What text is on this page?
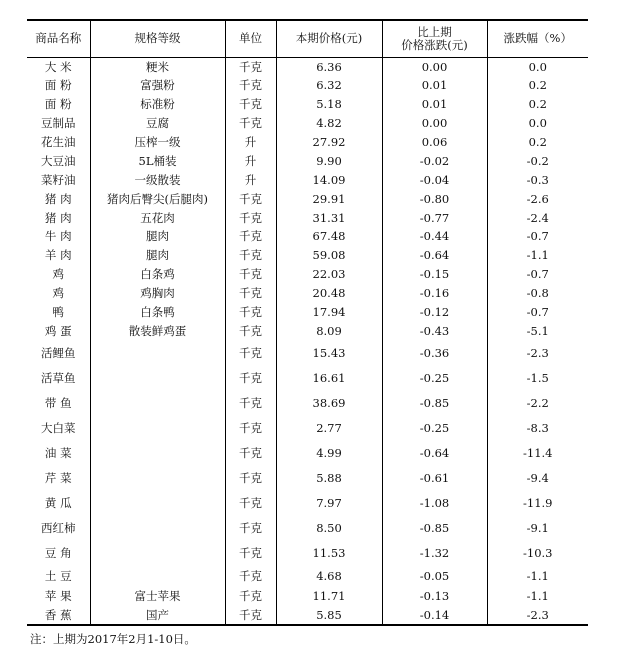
商品名称	规格等级	单位	本期价格(元)	比上期
价格涨跌(元)	涨跌幅（%）
大 米	粳米	千克	6.36	0.00	0.0
面 粉	富强粉	千克	6.32	0.01	0.2
面 粉	标准粉	千克	5.18	0.01	0.2
豆制品	豆腐	千克	4.82	0.00	0.0
花生油	压榨一级	升	27.92	0.06	0.2
大豆油	5L桶装	升	9.90	-0.02	-0.2
菜籽油	一级散装	升	14.09	-0.04	-0.3
猪 肉	猪肉后臀尖(后腿肉)	千克	29.91	-0.80	-2.6
猪 肉	五花肉	千克	31.31	-0.77	-2.4
牛 肉	腿肉	千克	67.48	-0.44	-0.7
羊 肉	腿肉	千克	59.08	-0.64	-1.1
鸡	白条鸡	千克	22.03	-0.15	-0.7
鸡	鸡胸肉	千克	20.48	-0.16	-0.8
鸭	白条鸭	千克	17.94	-0.12	-0.7
鸡 蛋	散装鲜鸡蛋	千克	8.09	-0.43	-5.1
活鲤鱼		千克	15.43	-0.36	-2.3
活草鱼		千克	16.61	-0.25	-1.5
带 鱼		千克	38.69	-0.85	-2.2
大白菜		千克	2.77	-0.25	-8.3
油 菜		千克	4.99	-0.64	-11.4
芹 菜		千克	5.88	-0.61	-9.4
黄 瓜		千克	7.97	-1.08	-11.9
西红柿		千克	8.50	-0.85	-9.1
豆 角		千克	11.53	-1.32	-10.3
土 豆		千克	4.68	-0.05	-1.1
苹 果	富士苹果	千克	11.71	-0.13	-1.1
香 蕉	国产	千克	5.85	-0.14	-2.3
注：上期为2017年2月1-10日。
